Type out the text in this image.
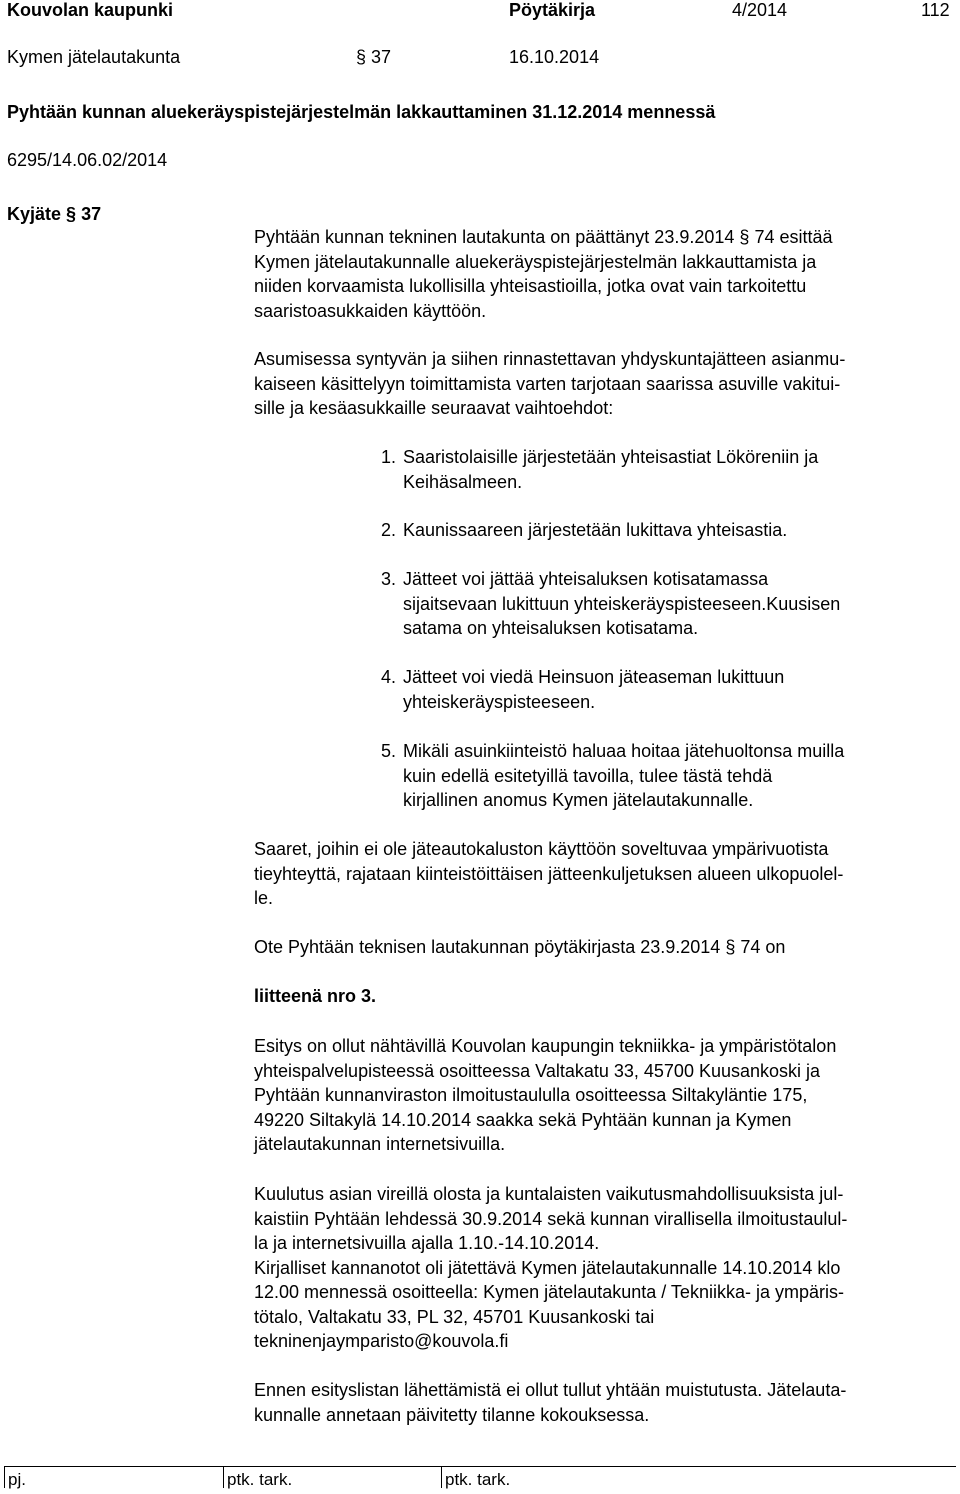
Kouvolan kaupunki	Pöytäkirja	4/2014	112
Kymen jätelautakunta	§ 37	16.10.2014
Pyhtään kunnan aluekeräyspistejärjestelmän lakkauttaminen 31.12.2014 mennessä
6295/14.06.02/2014
Kyjäte § 37
Pyhtään kunnan tekninen lautakunta on päättänyt 23.9.2014 § 74 esittää
Kymen jätelautakunnalle aluekeräyspistejärjestelmän lakkauttamista ja
niiden korvaamista lukollisilla yhteisastioilla, jotka ovat vain tarkoitettu
saaristoasukkaiden käyttöön.
Asumisessa syntyvän ja siihen rinnastettavan yhdyskuntajätteen asianmu-
kaiseen käsittelyyn toimittamista varten tarjotaan saarissa asuville vakitui-
sille ja kesäasukkaille seuraavat vaihtoehdot:
1. Saaristolaisille järjestetään yhteisastiat Lököreniin ja
Keihäsalmeen.
2. Kaunissaareen järjestetään lukittava yhteisastia.
3. Jätteet voi jättää yhteisaluksen kotisatamassa
sijaitsevaan lukittuun yhteiskeräyspisteeseen.Kuusisen
satama on yhteisaluksen kotisatama.
4. Jätteet voi viedä Heinsuon jäteaseman lukittuun
yhteiskeräyspisteeseen.
5. Mikäli asuinkiinteistö haluaa hoitaa jätehuoltonsa muilla
kuin edellä esitetyillä tavoilla, tulee tästä tehdä
kirjallinen anomus Kymen jätelautakunnalle.
Saaret, joihin ei ole jäteautokaluston käyttöön soveltuvaa ympärivuotista
tieyhteyttä, rajataan kiinteistöittäisen jätteenkuljetuksen alueen ulkopuolel-
le.
Ote Pyhtään teknisen lautakunnan pöytäkirjasta 23.9.2014 § 74 on
liitteenä nro 3.
Esitys on ollut nähtävillä Kouvolan kaupungin tekniikka- ja ympäristötalon
yhteispalvelupisteessä osoitteessa Valtakatu 33, 45700 Kuusankoski ja
Pyhtään kunnanviraston ilmoitustaululla osoitteessa Siltakyläntie 175,
49220 Siltakylä 14.10.2014 saakka sekä Pyhtään kunnan ja Kymen
jätelautakunnan internetsivuilla.
Kuulutus asian vireillä olosta ja kuntalaisten vaikutusmahdollisuuksista jul-
kaistiin Pyhtään lehdessä 30.9.2014 sekä kunnan virallisella ilmoitustaulul-
la ja internetsivuilla ajalla 1.10.-14.10.2014.
Kirjalliset kannanotot oli jätettävä Kymen jätelautakunnalle 14.10.2014 klo
12.00 mennessä osoitteella: Kymen jätelautakunta / Tekniikka- ja ympäris-
tötalo, Valtakatu 33, PL 32, 45701 Kuusankoski tai
tekninenjaymparisto@kouvola.fi
Ennen esityslistan lähettämistä ei ollut tullut yhtään muistutusta. Jätelauta-
kunnalle annetaan päivitetty tilanne kokouksessa.
pj.	ptk. tark.	ptk. tark.
